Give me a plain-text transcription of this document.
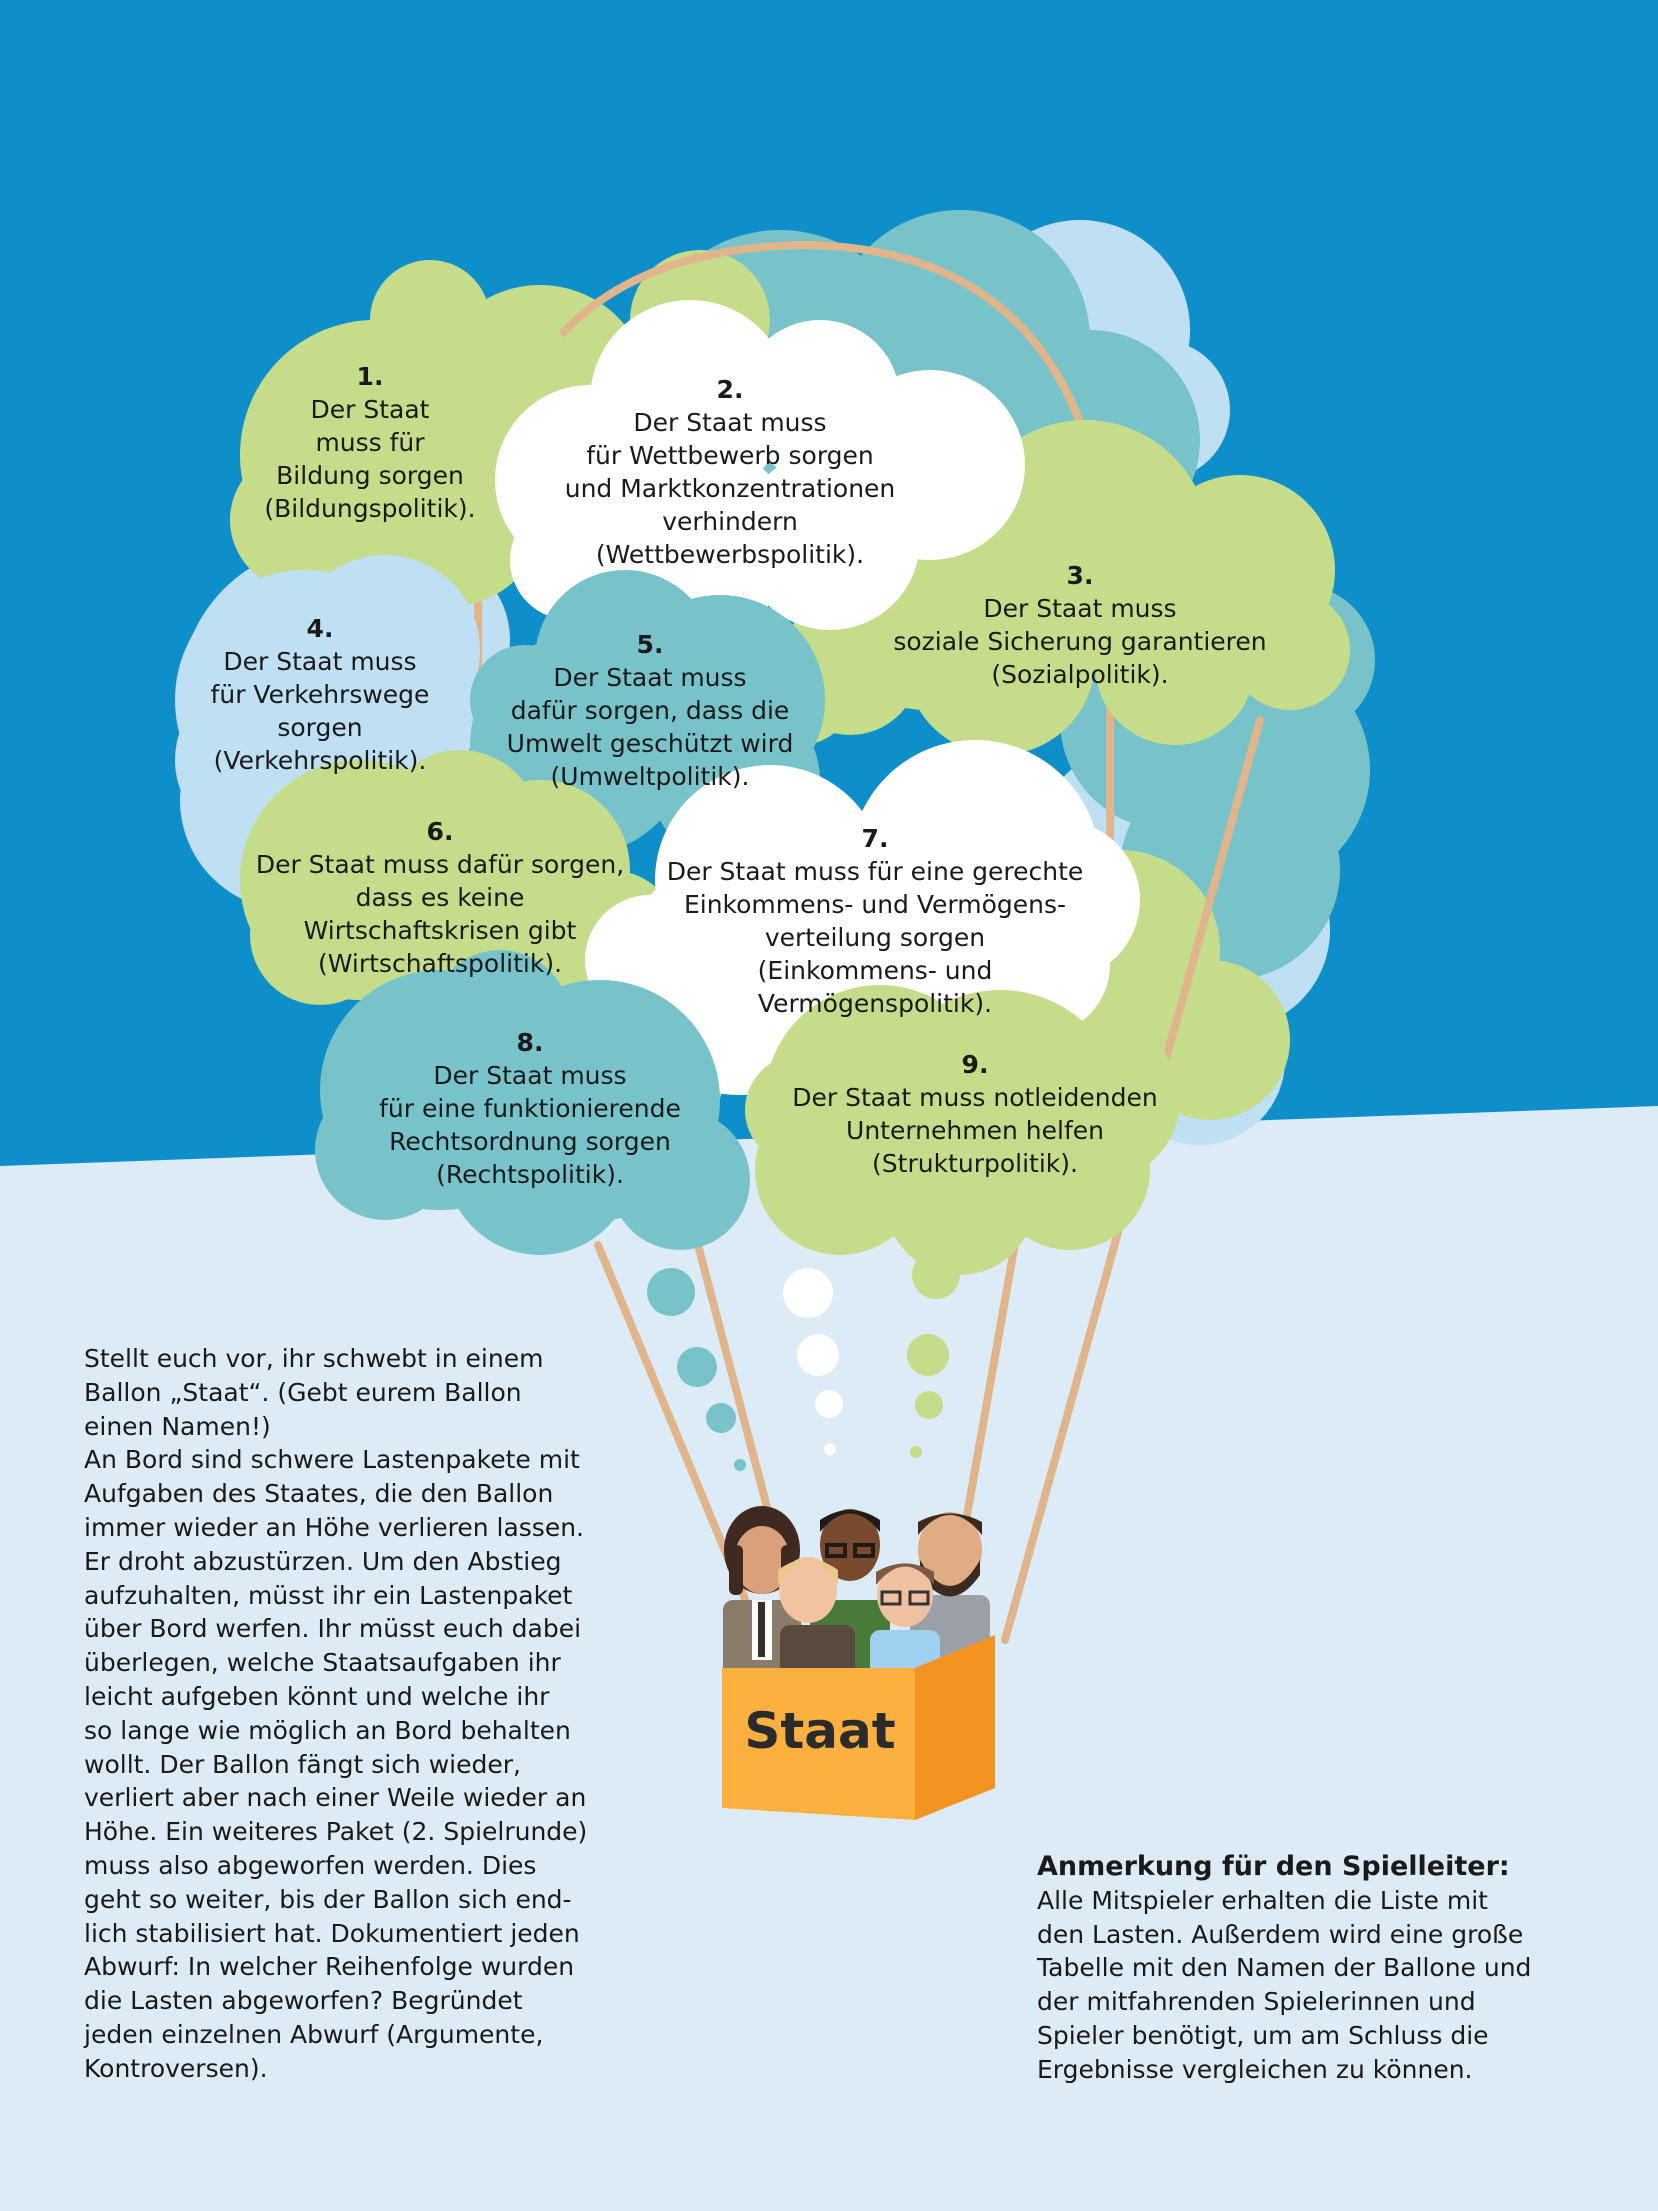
1.
Der Staat
muss für
Bildung sorgen
(Bildungspolitik).
2.
Der Staat muss
für Wettbewerb sorgen
und Marktkonzentrationen
verhindern
(Wettbewerbspolitik).
3.
Der Staat muss
soziale Sicherung garantieren
(Sozialpolitik).
4.
Der Staat muss
für Verkehrswege
sorgen
(Verkehrspolitik).
5.
Der Staat muss
dafür sorgen, dass die
Umwelt geschützt wird
(Umweltpolitik).
6.
Der Staat muss dafür sorgen,
dass es keine
Wirtschaftskrisen gibt
(Wirtschaftspolitik).
7.
Der Staat muss für eine gerechte
Einkommens- und Vermögens-
verteilung sorgen
(Einkommens- und
Vermögenspolitik).
8.
Der Staat muss
für eine funktionierende
Rechtsordnung sorgen
(Rechtspolitik).
9.
Der Staat muss notleidenden
Unternehmen helfen
(Strukturpolitik).
Staat
Stellt euch vor, ihr schwebt in einem
Ballon „Staat“. (Gebt eurem Ballon
einen Namen!)
An Bord sind schwere Lastenpakete mit
Aufgaben des Staates, die den Ballon
immer wieder an Höhe verlieren lassen.
Er droht abzustürzen. Um den Abstieg
aufzuhalten, müsst ihr ein Lastenpaket
über Bord werfen. Ihr müsst euch dabei
überlegen, welche Staatsaufgaben ihr
leicht aufgeben könnt und welche ihr
so lange wie möglich an Bord behalten
wollt. Der Ballon fängt sich wieder,
verliert aber nach einer Weile wieder an
Höhe. Ein weiteres Paket (2. Spielrunde)
muss also abgeworfen werden. Dies
geht so weiter, bis der Ballon sich end-
lich stabilisiert hat. Dokumentiert jeden
Abwurf: In welcher Reihenfolge wurden
die Lasten abgeworfen? Begründet
jeden einzelnen Abwurf (Argumente,
Kontroversen).
Anmerkung für den Spielleiter:
Alle Mitspieler erhalten die Liste mit
den Lasten. Außerdem wird eine große
Tabelle mit den Namen der Ballone und
der mitfahrenden Spielerinnen und
Spieler benötigt, um am Schluss die
Ergebnisse vergleichen zu können.
